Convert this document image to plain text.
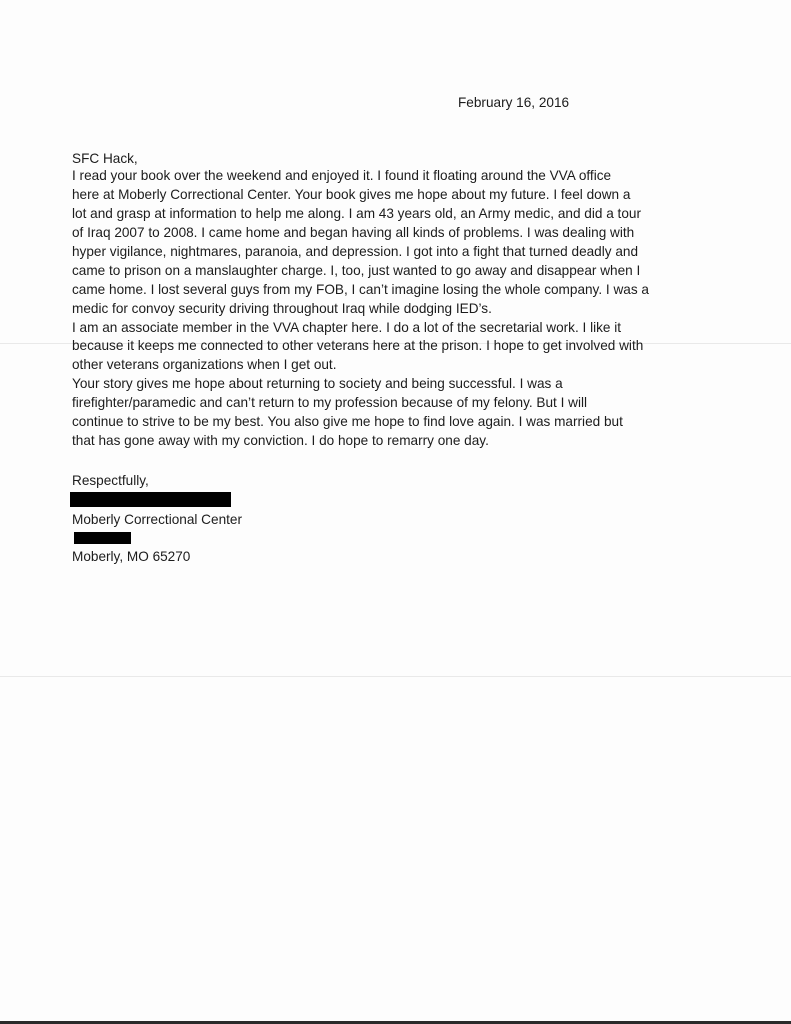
February 16, 2016
SFC Hack,
I read your book over the weekend and enjoyed it. I found it floating around the VVA office
here at Moberly Correctional Center. Your book gives me hope about my future. I feel down a
lot and grasp at information to help me along. I am 43 years old, an Army medic, and did a tour
of Iraq 2007 to 2008. I came home and began having all kinds of problems. I was dealing with
hyper vigilance, nightmares, paranoia, and depression. I got into a fight that turned deadly and
came to prison on a manslaughter charge. I, too, just wanted to go away and disappear when I
came home. I lost several guys from my FOB, I can’t imagine losing the whole company. I was a
medic for convoy security driving throughout Iraq while dodging IED’s.
I am an associate member in the VVA chapter here. I do a lot of the secretarial work. I like it
because it keeps me connected to other veterans here at the prison. I hope to get involved with
other veterans organizations when I get out.
Your story gives me hope about returning to society and being successful. I was a
firefighter/paramedic and can’t return to my profession because of my felony. But I will
continue to strive to be my best. You also give me hope to find love again. I was married but
that has gone away with my conviction. I do hope to remarry one day.
Respectfully,
Moberly Correctional Center
Moberly, MO 65270
